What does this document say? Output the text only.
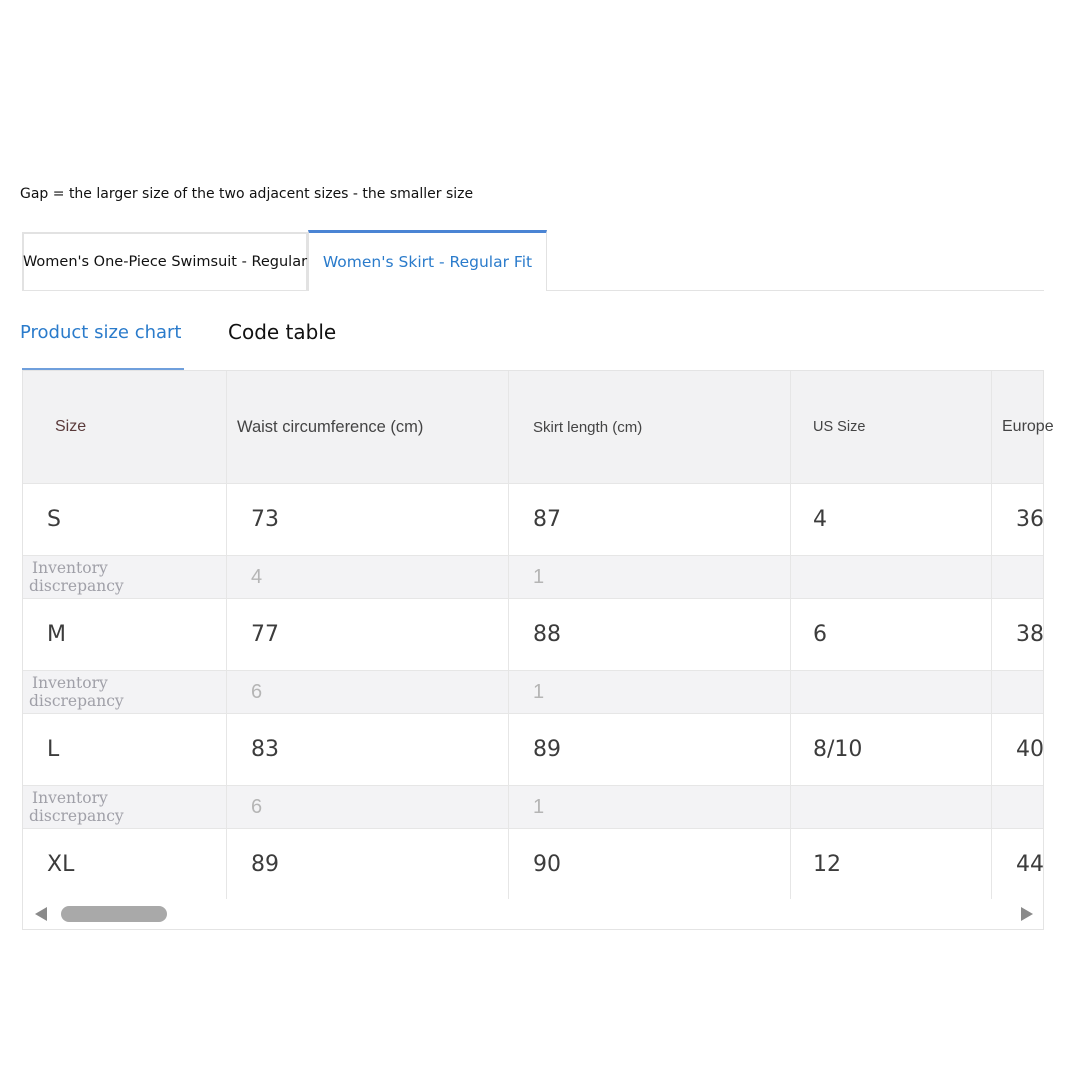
Gap = the larger size of the two adjacent sizes - the smaller size
Women's One-Piece Swimsuit - Regular Women's Skirt - Regular Fit
Product size chart Code table
Size	Waist circumference (cm)	Skirt length (cm)	US Size	Europe
S	73	87	4	36
Inventory
discrepancy	4	1
M	77	88	6	38
Inventory
discrepancy	6	1
L	83	89	8/10	40
Inventory
discrepancy	6	1
XL	89	90	12	44
